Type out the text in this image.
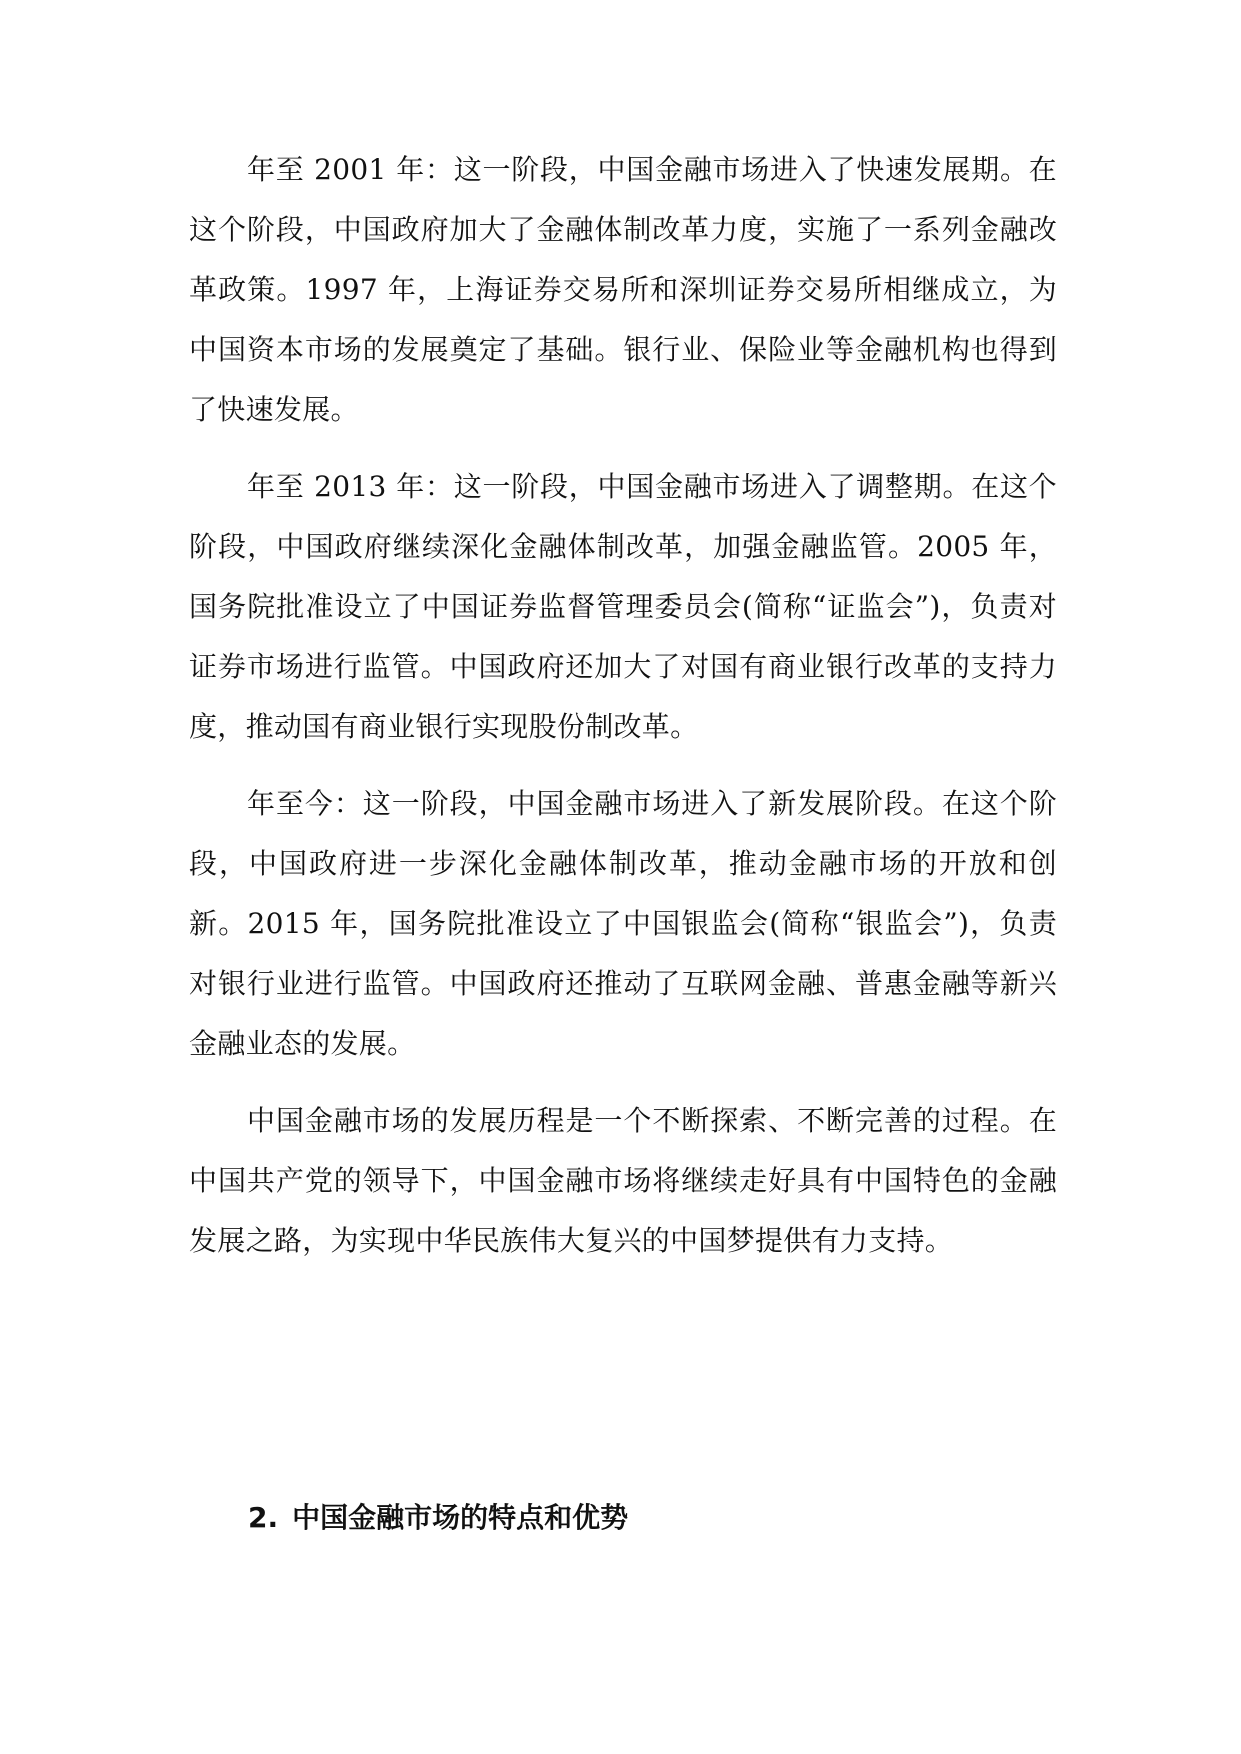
年至 2001 年：这一阶段，中国金融市场进入了快速发展期。在这个阶段，中国政府加大了金融体制改革力度，实施了一系列金融改革政策。1997 年，上海证券交易所和深圳证券交易所相继成立，为中国资本市场的发展奠定了基础。银行业、保险业等金融机构也得到了快速发展。

年至 2013 年：这一阶段，中国金融市场进入了调整期。在这个阶段，中国政府继续深化金融体制改革，加强金融监管。2005 年，国务院批准设立了中国证券监督管理委员会(简称“证监会”)，负责对证券市场进行监管。中国政府还加大了对国有商业银行改革的支持力度，推动国有商业银行实现股份制改革。

年至今：这一阶段，中国金融市场进入了新发展阶段。在这个阶段，中国政府进一步深化金融体制改革，推动金融市场的开放和创新。2015 年，国务院批准设立了中国银监会(简称“银监会”)，负责对银行业进行监管。中国政府还推动了互联网金融、普惠金融等新兴金融业态的发展。

中国金融市场的发展历程是一个不断探索、不断完善的过程。在中国共产党的领导下，中国金融市场将继续走好具有中国特色的金融发展之路，为实现中华民族伟大复兴的中国梦提供有力支持。

2. 中国金融市场的特点和优势
